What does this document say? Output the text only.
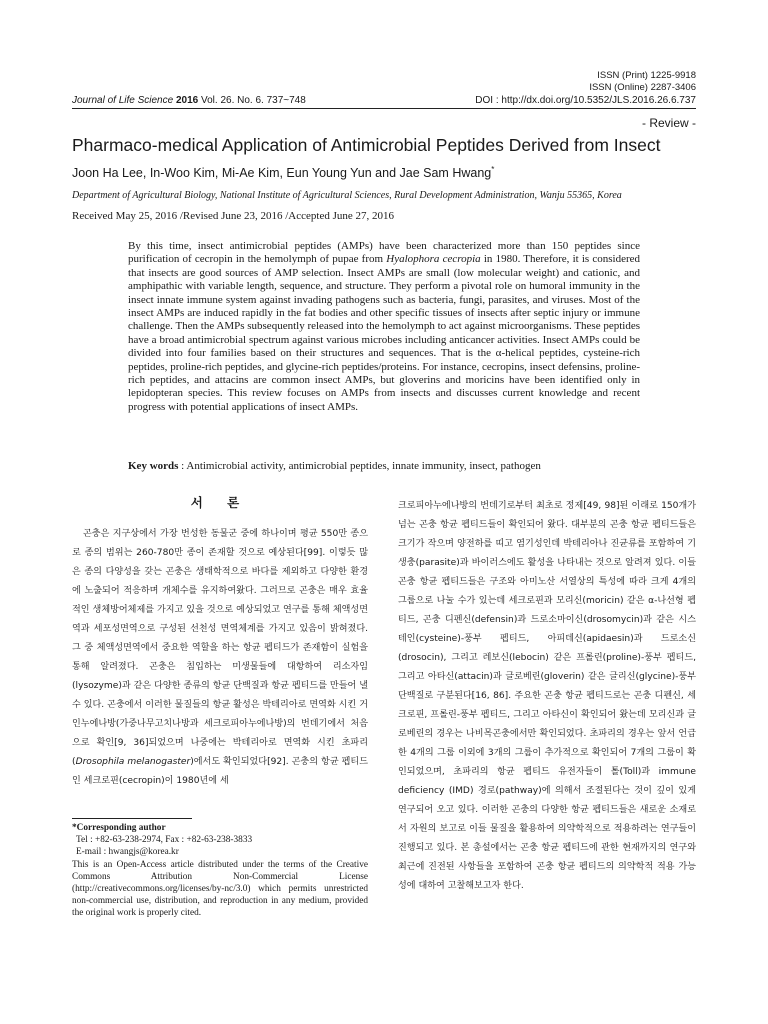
ISSN (Print) 1225-9918
ISSN (Online) 2287-3406
Journal of Life Science 2016 Vol. 26. No. 6. 737~748	DOI : http://dx.doi.org/10.5352/JLS.2016.26.6.737
- Review -
Pharmaco-medical Application of Antimicrobial Peptides Derived from Insect
Joon Ha Lee, In-Woo Kim, Mi-Ae Kim, Eun Young Yun and Jae Sam Hwang*
Department of Agricultural Biology, National Institute of Agricultural Sciences, Rural Development Administration, Wanju 55365, Korea
Received May 25, 2016 /Revised June 23, 2016 /Accepted June 27, 2016

By this time, insect antimicrobial peptides (AMPs) have been characterized more than 150 peptides since purification of cecropin in the hemolymph of pupae from Hyalophora cecropia in 1980. Therefore, it is considered that insects are good sources of AMP selection. Insect AMPs are small (low molecular weight) and cationic, and amphipathic with variable length, sequence, and structure. They perform a pivotal role on humoral immunity in the insect innate immune system against invading pathogens such as bacteria, fungi, parasites, and viruses. Most of the insect AMPs are induced rapidly in the fat bodies and other specific tissues of insects after septic injury or immune challenge. Then the AMPs subsequently released into the hemolymph to act against microorganisms. These peptides have a broad antimicrobial spectrum against various microbes including anticancer activities. Insect AMPs could be divided into four families based on their structures and sequences. That is the α-helical peptides, cysteine-rich peptides, proline-rich peptides, and glycine-rich peptides/proteins. For instance, cecropins, insect defensins, proline-rich peptides, and attacins are common insect AMPs, but gloverins and moricins have been identified only in lepidopteran species. This review focuses on AMPs from insects and discusses current knowledge and recent progress with potential applications of insect AMPs.

Key words : Antimicrobial activity, antimicrobial peptides, innate immunity, insect, pathogen
서 론

곤충은 지구상에서 가장 번성한 동물군 중에 하나이며 평균 550만 종으로 종의 범위는 260-780만 종이 존재할 것으로 예상된다[99]. 이렇듯 많은 종의 다양성을 갖는 곤충은 생태학적으로 바다를 제외하고 다양한 환경에 노출되어 적응하며 개체수를 유지하여왔다. 그러므로 곤충은 매우 효율적인 생체방어체제를 가지고 있을 것으로 예상되었고 연구를 통해 체액성면역과 세포성면역으로 구성된 선천성 면역체계를 가지고 있음이 밝혀졌다. 그 중 체액성면역에서 중요한 역할을 하는 항균 펩티드가 존재함이 실험을 통해 알려졌다. 곤충은 침입하는 미생물들에 대항하여 리소자임(lysozyme)과 같은 다양한 종류의 항균 단백질과 항균 펩티드를 만들어 낼 수 있다. 곤충에서 이러한 물질들의 항균 활성은 박테리아로 면역화 시킨 거인누에나방(가중나무고치나방과 세크로피아누에나방)의 번데기에서 처음으로 확인[9, 36]되었으며 나중에는 박테리아로 면역화 시킨 초파리(Drosophila melanogaster)에서도 확인되었다[92]. 곤충의 항균 펩티드인 세크로핀(cecropin)이 1980년에 세

크로피아누에나방의 번데기로부터 최초로 정제[49, 98]된 이래로 150개가 넘는 곤충 항균 펩티드들이 확인되어 왔다. 대부분의 곤충 항균 펩티드들은 크기가 작으며 양전하를 띠고 염기성인데 박테리아나 진균류를 포함하여 기생충(parasite)과 바이러스에도 활성을 나타내는 것으로 알려져 있다. 이들 곤충 항균 펩티드들은 구조와 아미노산 서열상의 특성에 따라 크게 4개의 그룹으로 나눌 수가 있는데 세크로핀과 모리신(moricin) 같은 α-나선형 펩티드, 곤충 디펜신(defensin)과 드로소마이신(drosomycin)과 같은 시스테인(cysteine)-풍부 펩티드, 아피데신(apidaesin)과 드로소신(drosocin), 그리고 레보신(lebocin) 같은 프롤린(proline)-풍부 펩티드, 그리고 아타신(attacin)과 글로베린(gloverin) 같은 글리신(glycine)-풍부 단백질로 구분된다[16, 86]. 주요한 곤충 항균 펩티드로는 곤충 디펜신, 세크로핀, 프롤린-풍부 펩티드, 그리고 아타신이 확인되어 왔는데 모리신과 글로베린의 경우는 나비목곤충에서만 확인되었다. 초파리의 경우는 앞서 언급한 4개의 그룹 이외에 3개의 그룹이 추가적으로 확인되어 7개의 그룹이 확인되었으며, 초파리의 항균 펩티드 유전자들이 톨(Toll)과 immune deficiency (IMD) 경로(pathway)에 의해서 조절된다는 것이 깊이 있게 연구되어 오고 있다. 이러한 곤충의 다양한 항균 펩티드들은 새로운 소재로서 자원의 보고로 이들 물질을 활용하여 의약학적으로 적용하려는 연구들이 진행되고 있다. 본 총설에서는 곤충 항균 펩티드에 관한 현재까지의 연구와 최근에 진전된 사항들을 포함하여 곤충 항균 펩티드의 의약학적 적용 가능성에 대하여 고찰해보고자 한다.

*Corresponding author

Tel : +82-63-238-2974, Fax : +82-63-238-3833

E-mail : hwangjs@korea.kr

This is an Open-Access article distributed under the terms of the Creative Commons Attribution Non-Commercial License (http://creativecommons.org/licenses/by-nc/3.0) which permits unrestricted non-commercial use, distribution, and reproduction in any medium, provided the original work is properly cited.
